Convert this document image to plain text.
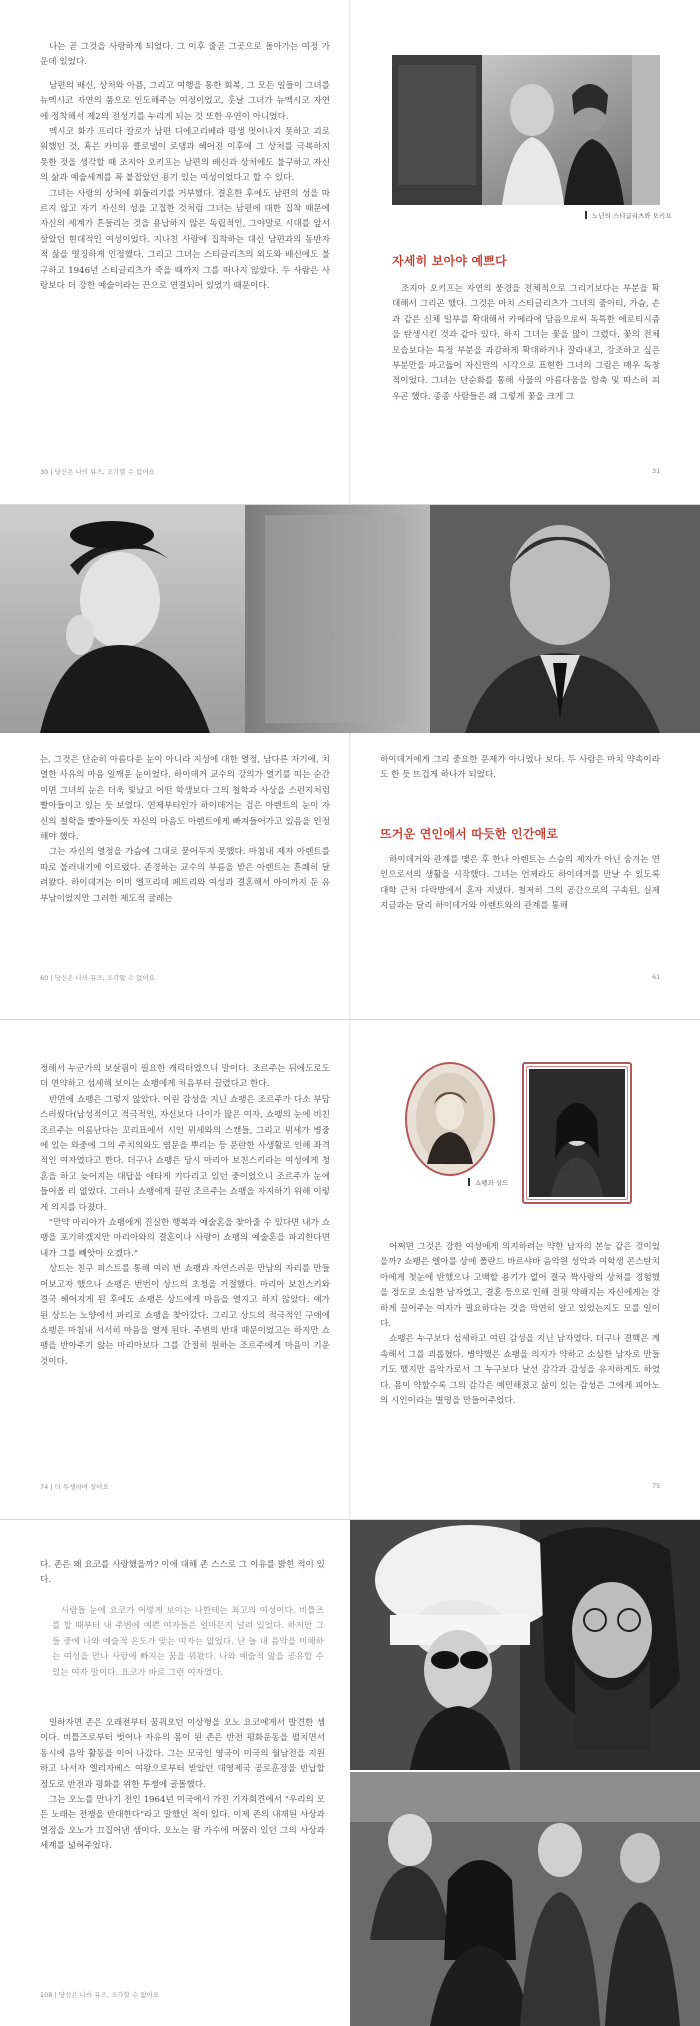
나는 곧 그것을 사랑하게 되었다. 그 이후 줄곧 그곳으로 돌아가는 여정 가운데 있었다.

남편의 배신, 상처와 아픔, 그리고 여행을 통한 회복, 그 모든 일들이 그녀를 뉴멕시코 자연의 품으로 인도해주는 여정이었고, 훗날 그녀가 뉴멕시코 자연에 정착해서 제2의 전성기를 누리게 되는 것 또한 우연이 아니었다.

멕시코 화가 프리다 칼로가 남편 디에고리베라 평생 멋어나지 못하고 괴로워했던 것, 혹은 카미유 클로델이 로댕과 헤어진 이후에 그 상처를 극복하지 못한 것을 생각할 때 조지아 오키프는 남편의 배신과 상처에도 불구하고 자신의 삶과 예술세계를 꼭 붙잡았던 용기 있는 여성이었다고 할 수 있다.

그녀는 사랑의 상처에 휘둘리기를 거부했다. 결혼한 후에도 남편의 성을 따르지 않고 자기 자신의 성을 고집한 것처럼 그녀는 남편에 대한 집착 때문에 자신의 세계가 흔들리는 것을 용납하지 않은 독립적인, 그야말로 시대를 앞서 살았던 현대적인 여성이었다. 지나친 사랑에 집착하는 대신 남편과의 동반자적 삶을 명징하게 인정했다. 그리고 그녀는 스티글리츠의 외도와 배신에도 불구하고 1946년 스티글리츠가 죽을 때까지 그를 떠나지 않았다. 두 사람은 사랑보다 더 강한 예술이라는 끈으로 연결되어 있었기 때문이다.

30 | 당신은 나의 뮤즈, 조각할 수 없어요
노년의 스티글리츠와 오키프
자세히 보아야 예쁘다

조지아 오키프는 자연의 풍경을 전체적으로 그리기보다는 부분을 확대해서 그리곤 했다. 그것은 마치 스티글리츠가 그녀의 줌아티, 가슴, 손과 같은 신체 일부를 확대해서 카메라에 담음으로써 독특한 에로티시즘을 탄생시킨 것과 같아 있다. 하지 그녀는 꽃을 많이 그렸다. 꽃의 전체 모습보다는 특정 부분을 과감하게 확대하거나 잘라내고, 강조하고 싶은 부분만을 파고듦어 자신만의 시각으로 표현한 그녀의 그림은 매우 독창적이었다. 그녀는 단순화를 통해 사물의 아름다움을 함축 및 따스히 피우곤 했다. 종종 사람들은 왜 그렇게 꽃을 크게 그

31

는, 그것은 단순히 아름다운 눈이 아니라 지성에 대한 열정, 남다른 자기애, 치열한 사유의 마음 일깨운 눈이었다. 하이데거 교수의 강의가 열기를 띠는 순간이면 그녀의 눈은 더욱 빛났고 어떤 학생보다 그의 철학과 사상을 스펀지처럼 빨아들이고 있는 듯 보였다. 연제부터인가 하이데거는 검은 아렌트의 눈이 자신의 철학을 빨아들이듯 자신의 마음도 아렌트에게 빠져들어가고 있음을 인정해야 했다.

그는 자신의 열정을 가슴에 그대로 묻어두지 못했다. 마침내 제자 아렌트를 따로 불러내기에 이르렀다. 존경하는 교수의 부름을 받은 아렌트는 흔쾌히 달려왔다. 하이데거는 이미 엘프리데 페트리와 여성과 결혼해서 아이까지 둔 유부남이었지만 그러한 제도적 굴레는

60 | 당신은 나의 뮤즈, 조각할 수 없어요

하이데거에게 그리 중요한 문제가 아니었나 보다. 두 사람은 마치 약속이라도 한 듯 뜨겁게 하나가 되었다.

뜨거운 연인에서 따듯한 인간애로

하이데거와 관계를 맺은 후 한나 아렌트는 스승의 제자가 아닌 숨겨논 연인으로서의 생활을 시작했다. 그녀는 언제라도 하이데거를 만날 수 있도록 대학 근처 다락방에서 혼자 지냈다. 철저히 그의 공간으로의 구속된, 실제 지금과는 달리 하이데거와 아렌트와의 관계를 통해

61

정해서 누군가의 보살핌이 필요한 캐릭터였으니 말이다. 조르주는 뒤에도로도 더 연약하고 섬세해 보이는 쇼팽에게 처음부터 끌렸다고 한다.

반면에 쇼팽은 그렇지 않았다. 어린 감성을 지닌 쇼팽은 조르주가 다소 부담스러웠다(남성적이고 적극적인, 자신보다 나이가 많은 여자, 쇼팽의 눈에 비친 조르주는 이름난다는 꼬리표에서 시인 뮈세와의 스캔들, 그리고 뮈세가 병중에 있는 와중에 그의 주치의와도 염문을 뿌리는 등 문란한 사생활로 인해 좌격적인 여자였다고 한다. 더구나 쇼팽은 당시 마리아 보친스키라는 여성에게 청혼을 하고 늦어지는 대답을 애타게 기다리고 있던 중이었으니 조르주가 눈에 들어올 리 없었다. 그러나 쇼팽에게 끌린 조르주는 쇼팽을 자지하기 위해 이렇게 의지를 다졌다.

"만약 마리아가 쇼팽에게 진실한 행복과 예술혼을 찾아줄 수 있다면 내가 쇼팽을 포기하겠지만 마리아와의 결혼이나 사랑이 쇼팽의 예술혼을 파괴한다면 내가 그를 빼앗아 오겠다."

상드는 친구 피스트를 통해 여러 번 쇼팽과 자연스러운 만남의 자리를 만들어보고자 했으나 쇼팽은 번번이 상드의 초청을 거절했다. 마리아 보친스키와 결국 헤어지게 된 후에도 쇼팽은 상드에게 마음을 열지고 하지 않았다. 얘가 된 상드는 노양에서 파리로 쇼팽을 찾아갔다. 그리고 상드의 적극적인 구애에 쇼팽은 마침내 서서히 마음을 열게 된다. 주변의 반대 때문이었고는 하지만 쇼팽을 반아주기 않는 마리아보다 그를 간절히 원하는 조르주에게 마음이 기운 것이다.

74 | 더 투쟁하며 살아요
쇼팽과 상드

어쩌면 그것은 강한 여성에게 의지하려는 약한 남자의 본능 같은 것이었을까? 쇼팽은 엘아를 상에 폴란드 바르샤바 음악원 성악과 여학생 콘스탄치아에게 첫눈에 반했으나 고백할 용기가 없어 결국 짝사랑의 상처를 경험했을 정도로 소심한 남자였고, 결혼 등으로 인해 걸핏 약해지는 자신에게는 강하게 끌어주는 여자가 필요하다는 것을 막연히 알고 있었는지도 모를 일이다.

쇼팽은 누구보다 섬세하고 여린 감성을 지닌 남자였다. 더구나 결핵은 계속해서 그를 괴롭혔다. 병약했은 쇼팽을 의지가 약하고 소심한 남자로 만들기도 했지만 음악가로서 그 누구보다 날선 감각과 감성을 유지하게도 하였다. 몸이 약할수록 그의 감각은 예민해졌고 삶이 있는 감성은 그에게 피아노의 시인이라는 별명을 만들어주었다.

75

다. 존은 왜 요코를 사랑했을까? 이에 대해 존 스스로 그 이유를 밝힌 적이 있다.

사람들 눈에 요코가 어떻게 보이는 나한테는 최고의 여성이다. 비틀즈를 할 때부터 내 주변에 예쁜 여자들은 얼마든지 널려 있었다. 하지만 그들 중에 나와 예술적 온도가 맞는 여자는 없었다. 난 늘 내 음악을 이해하는 여성을 만나 사랑에 빠지는 꿈을 꿔왔다. 나와 예술적 앎을 공유할 수 있는 여자 말이다. 요코가 바로 그런 여자였다.

일하자면 존은 오래전부터 꿈꿔오던 이상형을 오노 요코에게서 발견한 셈이다. 비틀즈로부터 벗어나 자유의 몸이 된 존은 반전 평화운동을 펼치면서 동시에 음악 활동을 이어 나갔다. 그는 모국인 영국이 미국의 월남전을 지원하고 나서자 엘리자베스 여왕으로부터 받았던 대영제국 공로훈장을 반납할 정도로 반전과 평화를 위한 투쟁에 골몰했다.

그는 오노를 만나기 전인 1964년 미국에서 가진 기자회견에서 "우리의 모든 노래는 전쟁을 반대한다"라고 말했던 적이 있다. 이제 존의 내재된 사상과 열정을 오노가 끄집어낸 셈이다. 오노는 팜 가수에 머물러 있던 그의 사상과 세계를 넓혀주었다.

108 | 당신은 나의 뮤즈, 조각할 수 없어요
